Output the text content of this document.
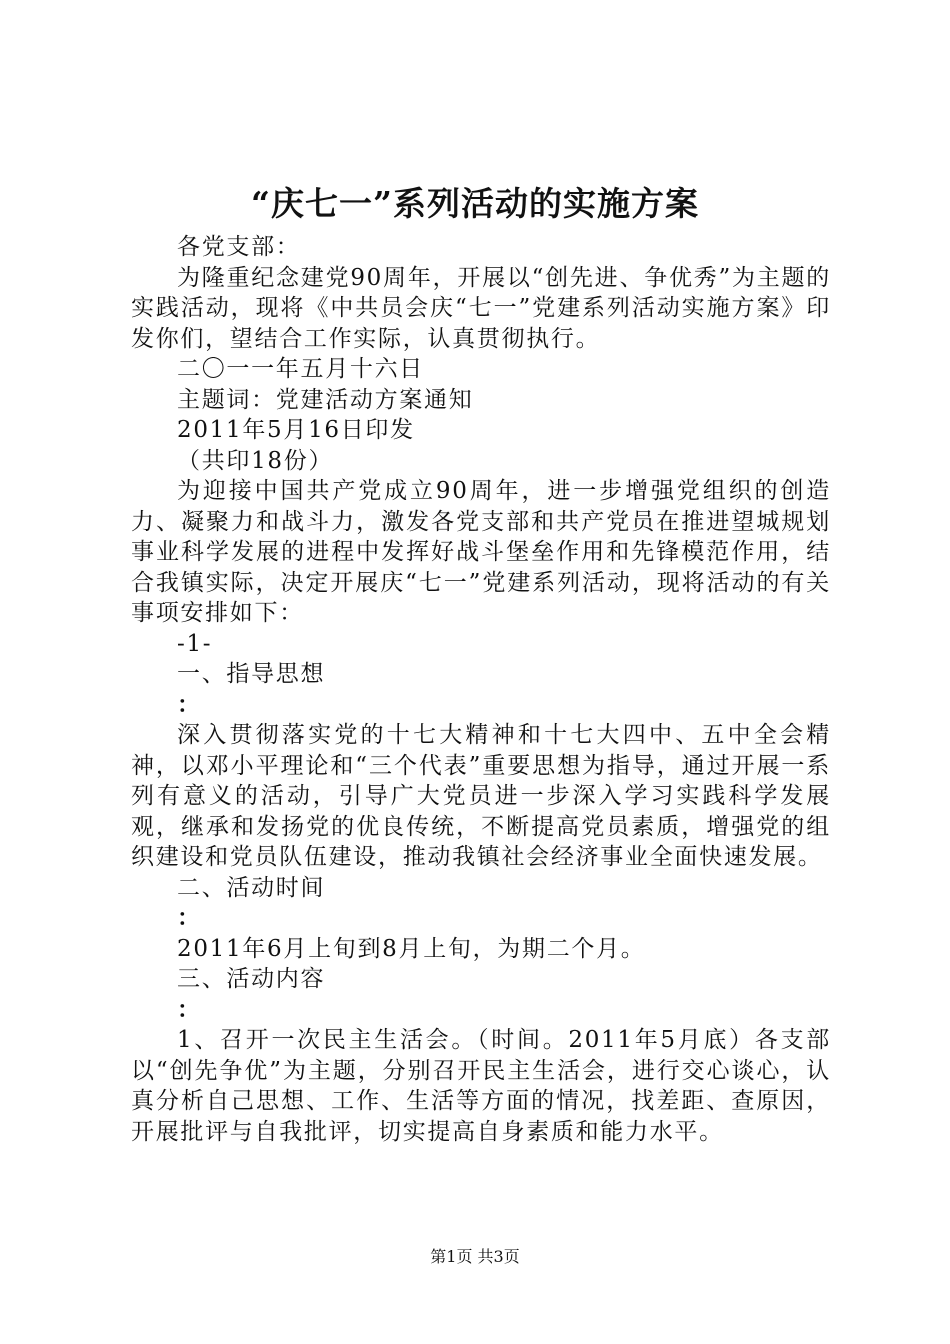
“庆七一”系列活动的实施方案

各党支部：

为隆重纪念建党90周年，开展以“创先进、争优秀”为主题的实践活动，现将《中共员会庆“七一”党建系列活动实施方案》印发你们，望结合工作实际，认真贯彻执行。

二〇一一年五月十六日

主题词：党建活动方案通知

2011年5月16日印发

（共印18份）

为迎接中国共产党成立90周年，进一步增强党组织的创造力、凝聚力和战斗力，激发各党支部和共产党员在推进望城规划事业科学发展的进程中发挥好战斗堡垒作用和先锋模范作用，结合我镇实际，决定开展庆“七一”党建系列活动，现将活动的有关事项安排如下：

-1-

一、指导思想

：

深入贯彻落实党的十七大精神和十七大四中、五中全会精神，以邓小平理论和“三个代表”重要思想为指导，通过开展一系列有意义的活动，引导广大党员进一步深入学习实践科学发展观，继承和发扬党的优良传统，不断提高党员素质，增强党的组织建设和党员队伍建设，推动我镇社会经济事业全面快速发展。

二、活动时间

：

2011年6月上旬到8月上旬，为期二个月。

三、活动内容

：

1、召开一次民主生活会。（时间。2011年5月底）各支部以“创先争优”为主题，分别召开民主生活会，进行交心谈心，认真分析自己思想、工作、生活等方面的情况，找差距、查原因，开展批评与自我批评，切实提高自身素质和能力水平。

第1页 共3页
